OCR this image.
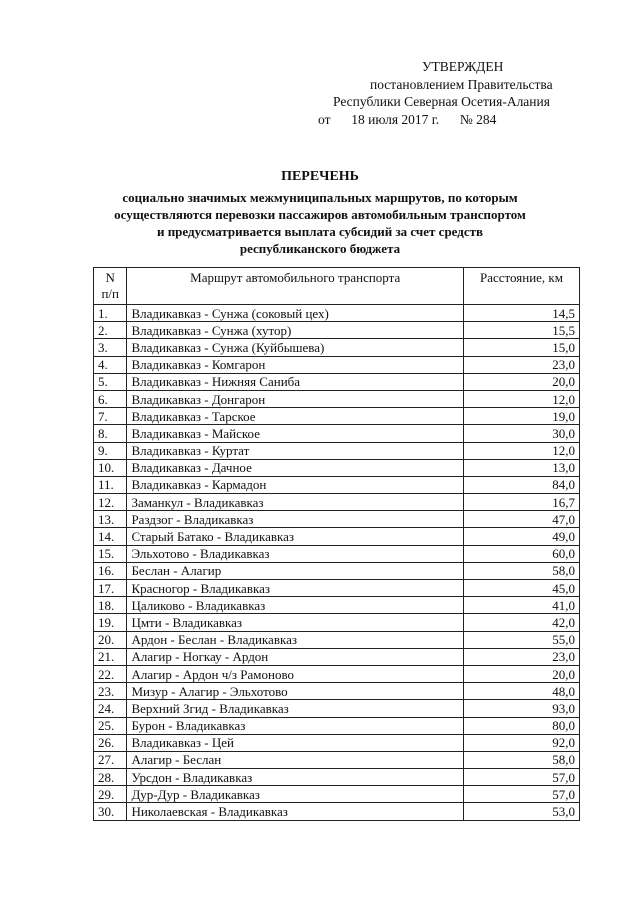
УТВЕРЖДЕН
постановлением Правительства
Республики Северная Осетия-Алания
от 18 июля 2017 г. № 284
ПЕРЕЧЕНЬ
социально значимых межмуниципальных маршрутов, по которым
осуществляются перевозки пассажиров автомобильным транспортом
и предусматривается выплата субсидий за счет средств
республиканского бюджета
N
п/п	Маршрут автомобильного транспорта	Расстояние, км
1.	Владикавказ - Сунжа (соковый цех)	14,5
2.	Владикавказ - Сунжа (хутор)	15,5
3.	Владикавказ - Сунжа (Куйбышева)	15,0
4.	Владикавказ - Комгарон	23,0
5.	Владикавказ - Нижняя Саниба	20,0
6.	Владикавказ - Донгарон	12,0
7.	Владикавказ - Тарское	19,0
8.	Владикавказ - Майское	30,0
9.	Владикавказ - Куртат	12,0
10.	Владикавказ - Дачное	13,0
11.	Владикавказ - Кармадон	84,0
12.	Заманкул - Владикавказ	16,7
13.	Раздзог - Владикавказ	47,0
14.	Старый Батако - Владикавказ	49,0
15.	Эльхотово - Владикавказ	60,0
16.	Беслан - Алагир	58,0
17.	Красногор - Владикавказ	45,0
18.	Цаликово - Владикавказ	41,0
19.	Цмти - Владикавказ	42,0
20.	Ардон - Беслан - Владикавказ	55,0
21.	Алагир - Ногкау - Ардон	23,0
22.	Алагир - Ардон ч/з Рамоново	20,0
23.	Мизур - Алагир - Эльхотово	48,0
24.	Верхний Згид - Владикавказ	93,0
25.	Бурон - Владикавказ	80,0
26.	Владикавказ - Цей	92,0
27.	Алагир - Беслан	58,0
28.	Урсдон - Владикавказ	57,0
29.	Дур-Дур - Владикавказ	57,0
30.	Николаевская - Владикавказ	53,0
